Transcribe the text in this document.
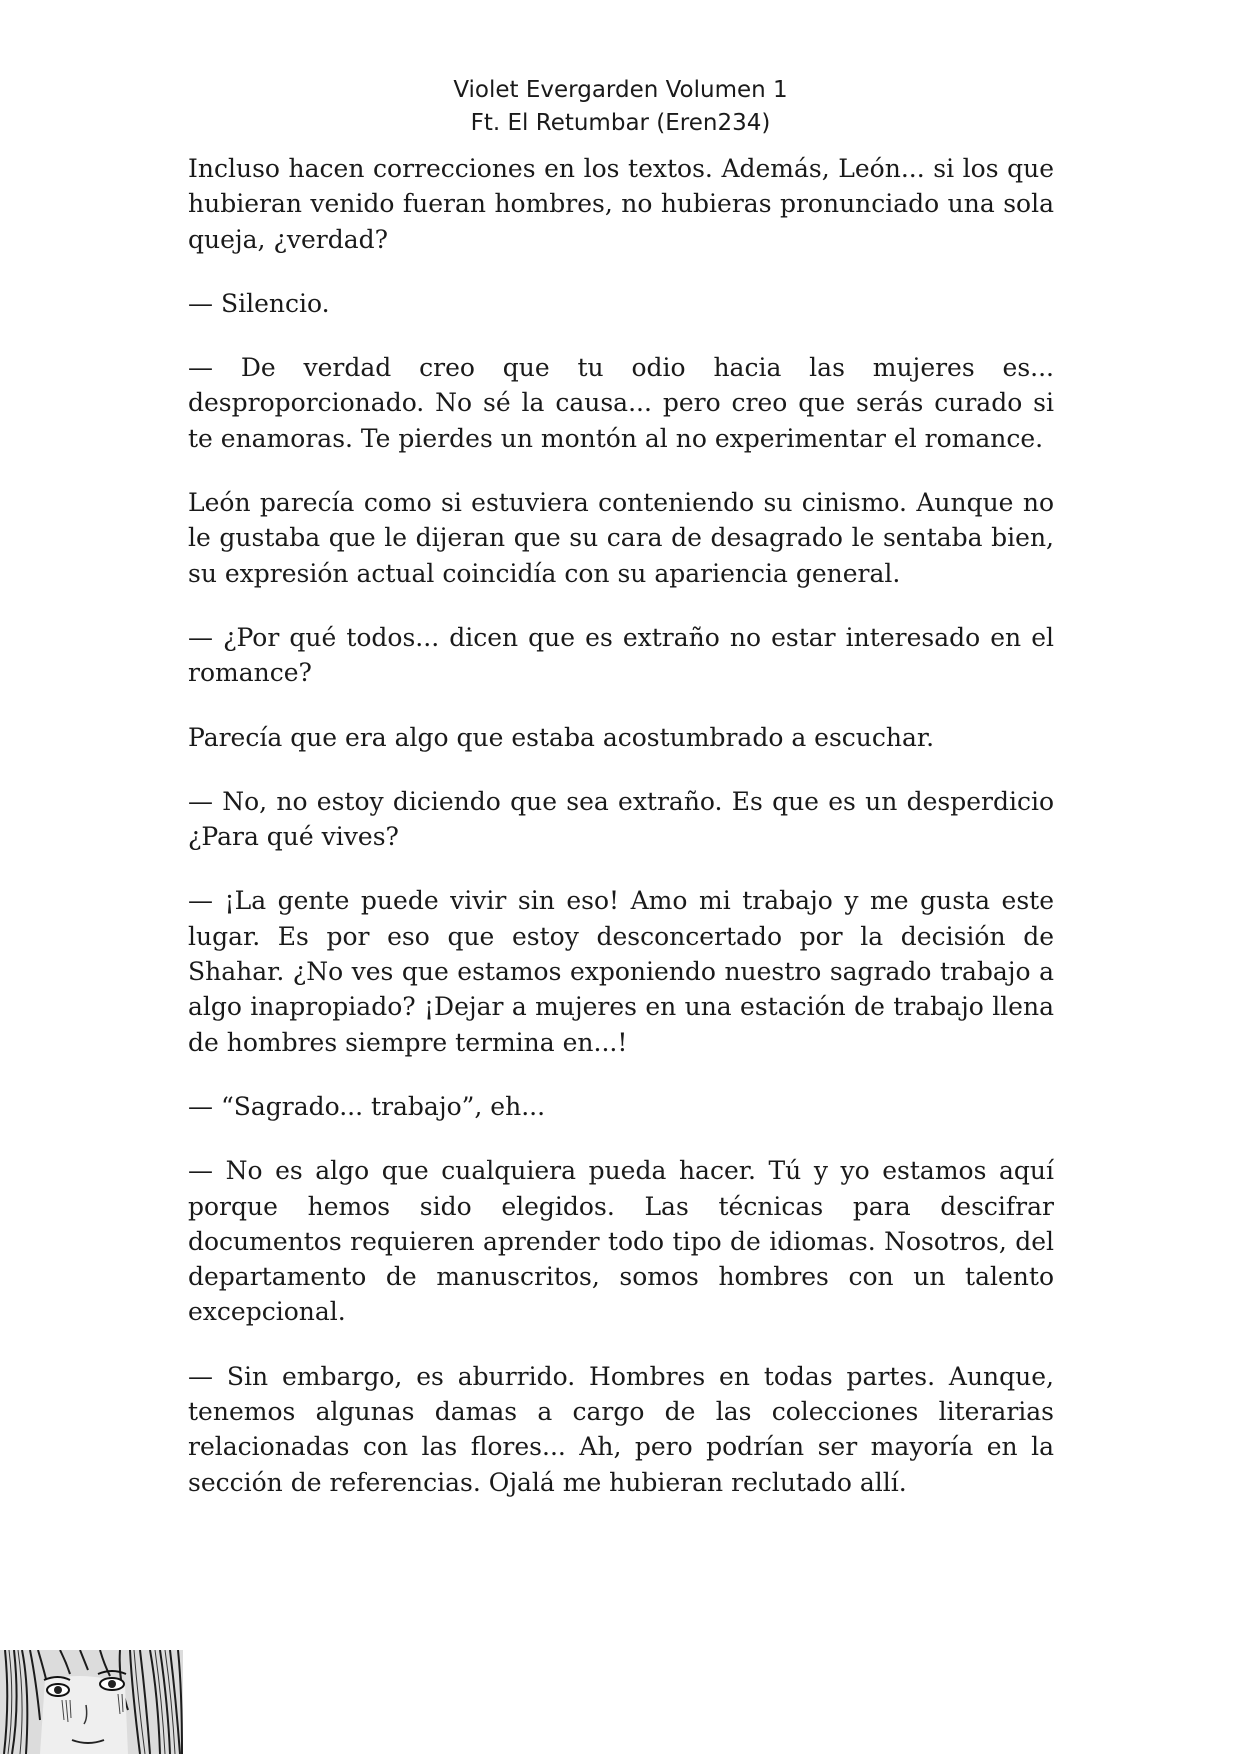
Violet Evergarden Volumen 1
Ft. El Retumbar (Eren234)

Incluso hacen correcciones en los textos. Además, León... si los que hubieran venido fueran hombres, no hubieras pronunciado una sola queja, ¿verdad?

— Silencio.

— De verdad creo que tu odio hacia las mujeres es... desproporcionado. No sé la causa... pero creo que serás curado si te enamoras. Te pierdes un montón al no experimentar el romance.

León parecía como si estuviera conteniendo su cinismo. Aunque no le gustaba que le dijeran que su cara de desagrado le sentaba bien, su expresión actual coincidía con su apariencia general.

— ¿Por qué todos... dicen que es extraño no estar interesado en el romance?

Parecía que era algo que estaba acostumbrado a escuchar.

— No, no estoy diciendo que sea extraño. Es que es un desperdicio ¿Para qué vives?

— ¡La gente puede vivir sin eso! Amo mi trabajo y me gusta este lugar. Es por eso que estoy desconcertado por la decisión de Shahar. ¿No ves que estamos exponiendo nuestro sagrado trabajo a algo inapropiado? ¡Dejar a mujeres en una estación de trabajo llena de hombres siempre termina en...!

— “Sagrado... trabajo”, eh...

— No es algo que cualquiera pueda hacer. Tú y yo estamos aquí porque hemos sido elegidos. Las técnicas para descifrar documentos requieren aprender todo tipo de idiomas. Nosotros, del departamento de manuscritos, somos hombres con un talento excepcional.

— Sin embargo, es aburrido. Hombres en todas partes. Aunque, tenemos algunas damas a cargo de las colecciones literarias relacionadas con las flores... Ah, pero podrían ser mayoría en la sección de referencias. Ojalá me hubieran reclutado allí.
